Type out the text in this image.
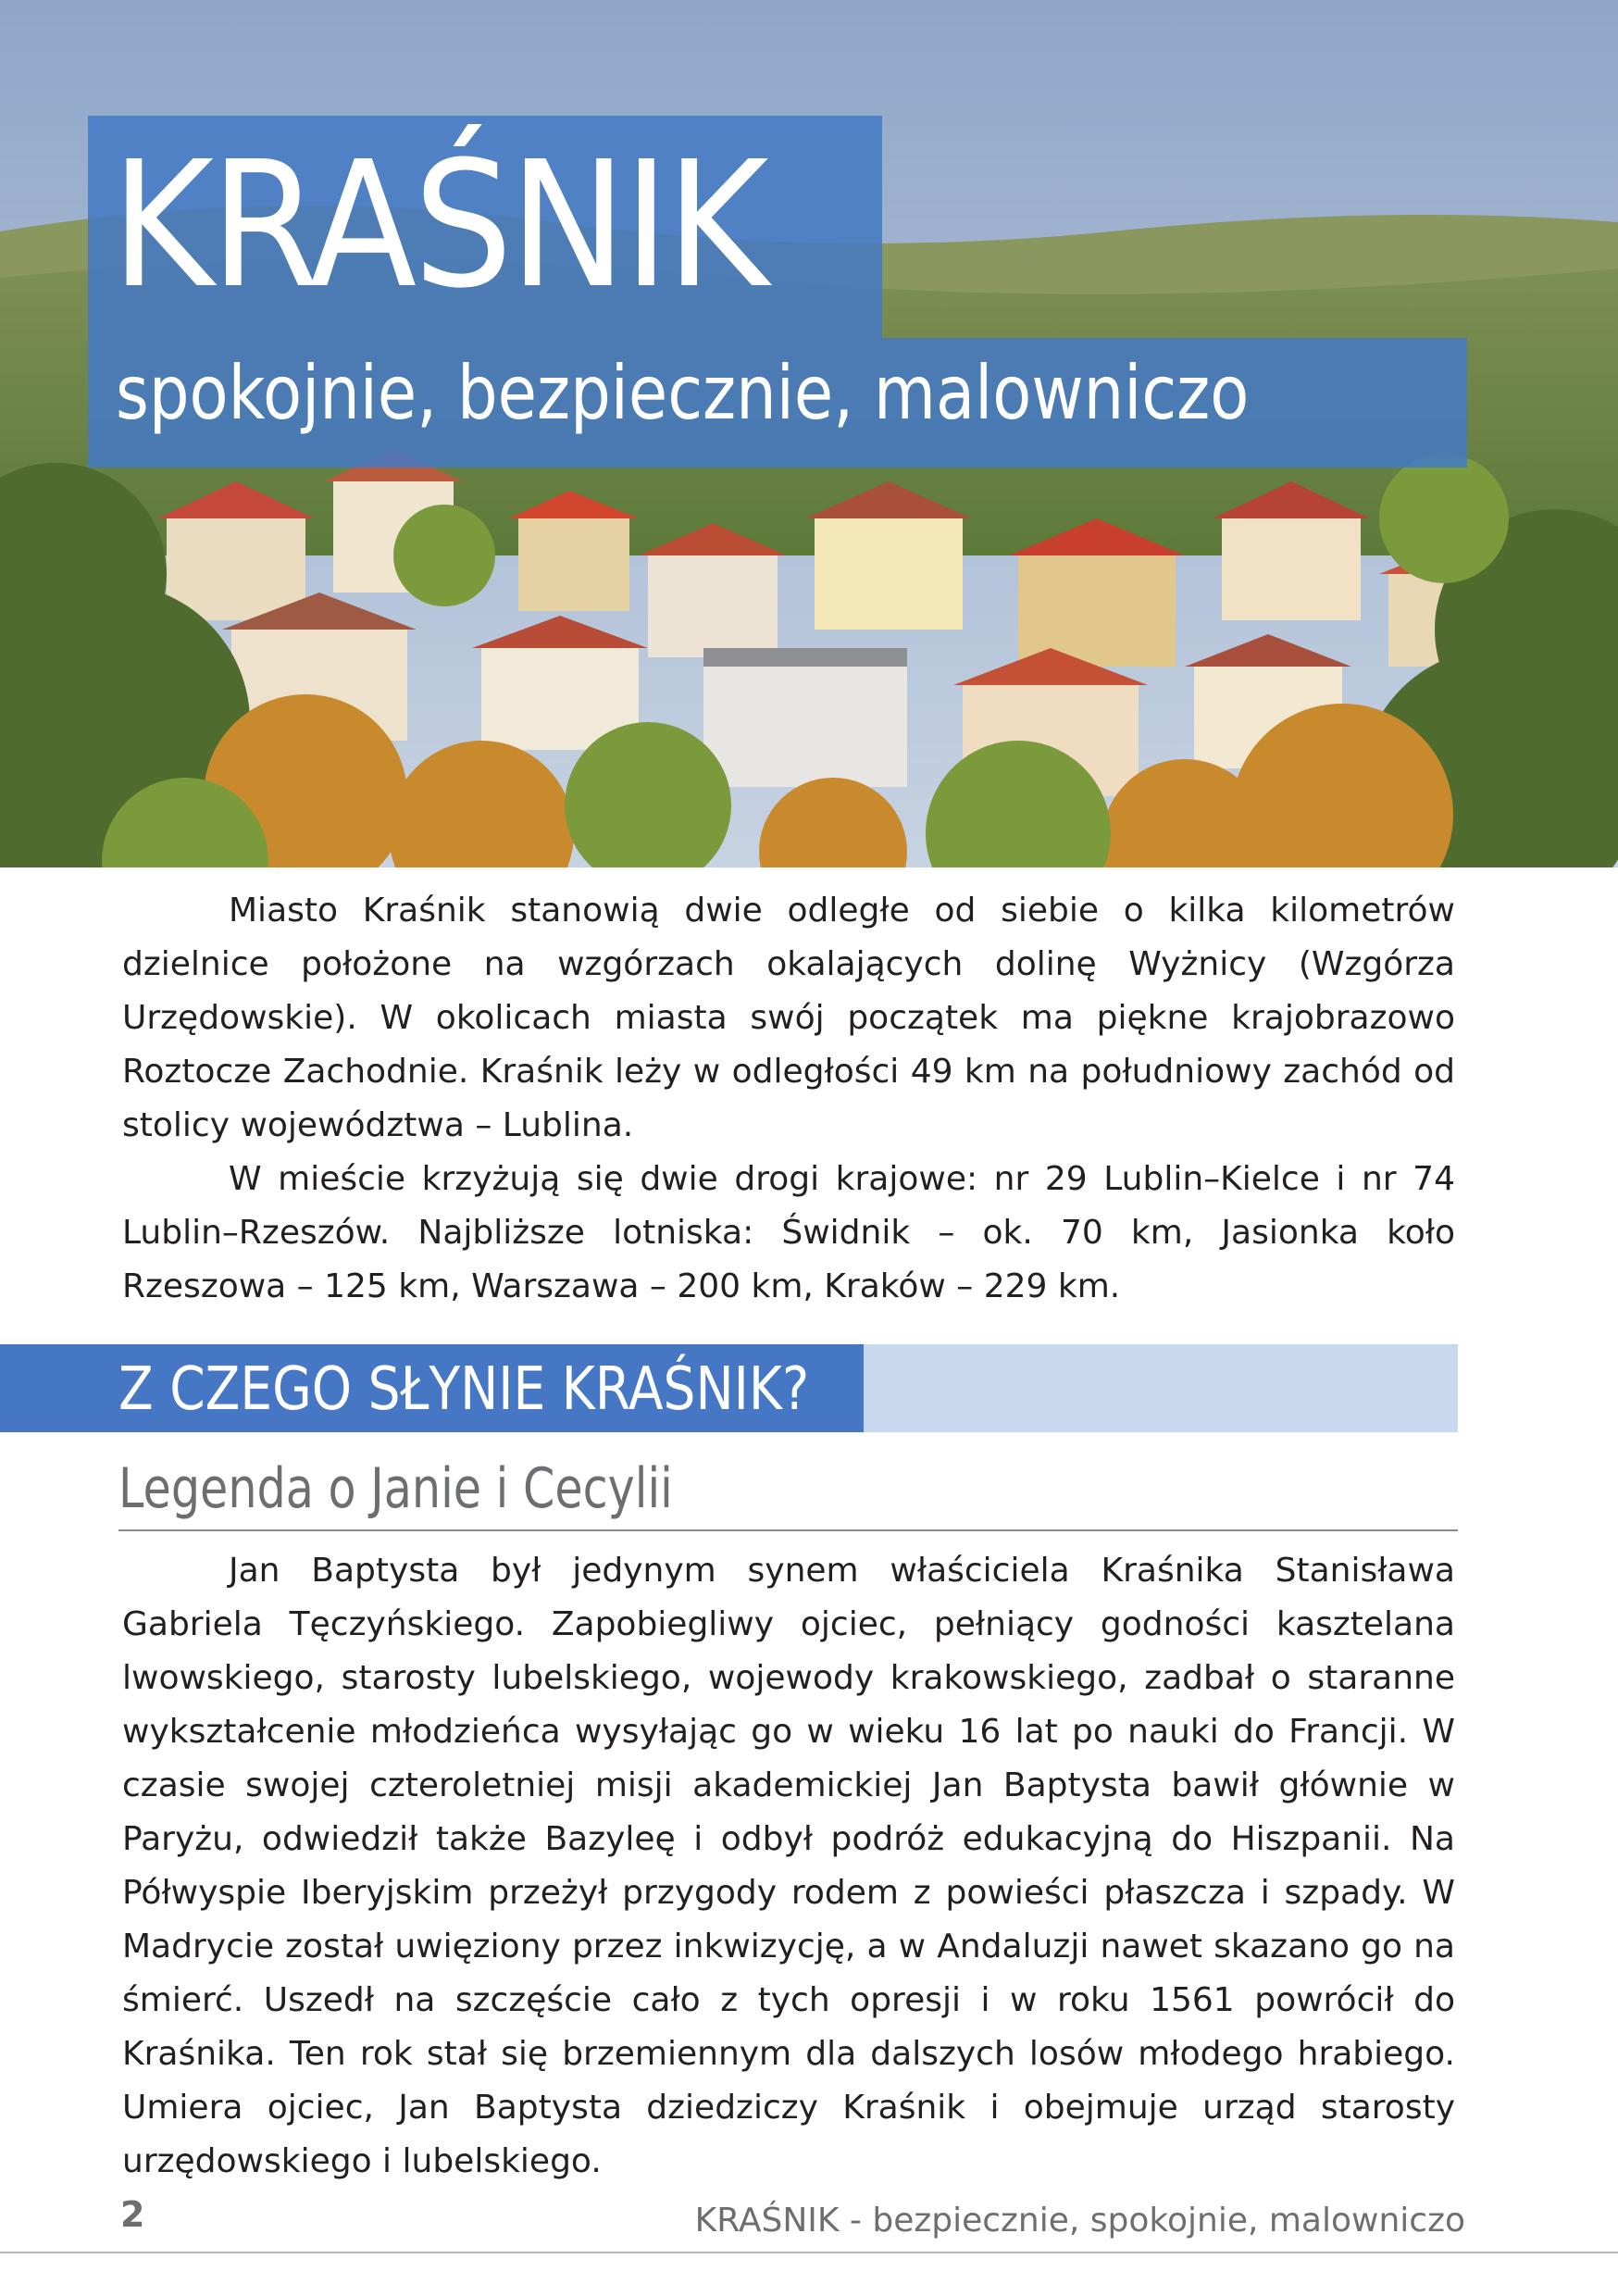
KRAŚNIK
spokojnie, bezpiecznie, malowniczo

Miasto Kraśnik stanowią dwie odległe od siebie o kilka kilometrów dzielnice położone na wzgórzach okalających dolinę Wyżnicy (Wzgórza Urzędowskie). W okolicach miasta swój początek ma piękne krajobrazowo Roztocze Zachodnie. Kraśnik leży w odległości 49 km na południowy zachód od stolicy województwa – Lublina.

W mieście krzyżują się dwie drogi krajowe: nr 29 Lublin–Kielce i nr 74 Lublin–Rzeszów. Najbliższe lotniska: Świdnik – ok. 70 km, Jasionka koło Rzeszowa – 125 km, Warszawa – 200 km, Kraków – 229 km.

Z CZEGO SŁYNIE KRAŚNIK?
Legenda o Janie i Cecylii

Jan Baptysta był jedynym synem właściciela Kraśnika Stanisława Gabriela Tęczyńskiego. Zapobiegliwy ojciec, pełniący godności kasztelana lwowskiego, starosty lubelskiego, wojewody krakowskiego, zadbał o staranne wykształcenie młodzieńca wysyłając go w wieku 16 lat po nauki do Francji. W czasie swojej czteroletniej misji akademickiej Jan Baptysta bawił głównie w Paryżu, odwiedził także Bazyleę i odbył podróż edukacyjną do Hiszpanii. Na Półwyspie Iberyjskim przeżył przygody rodem z powieści płaszcza i szpady. W Madrycie został uwięziony przez inkwizycję, a w Andaluzji nawet skazano go na śmierć. Uszedł na szczęście cało z tych opresji i w roku 1561 powrócił do Kraśnika. Ten rok stał się brzemiennym dla dalszych losów młodego hrabiego. Umiera ojciec, Jan Baptysta dziedziczy Kraśnik i obejmuje urząd starosty urzędowskiego i lubelskiego.

2	KRAŚNIK - bezpiecznie, spokojnie, malowniczo
